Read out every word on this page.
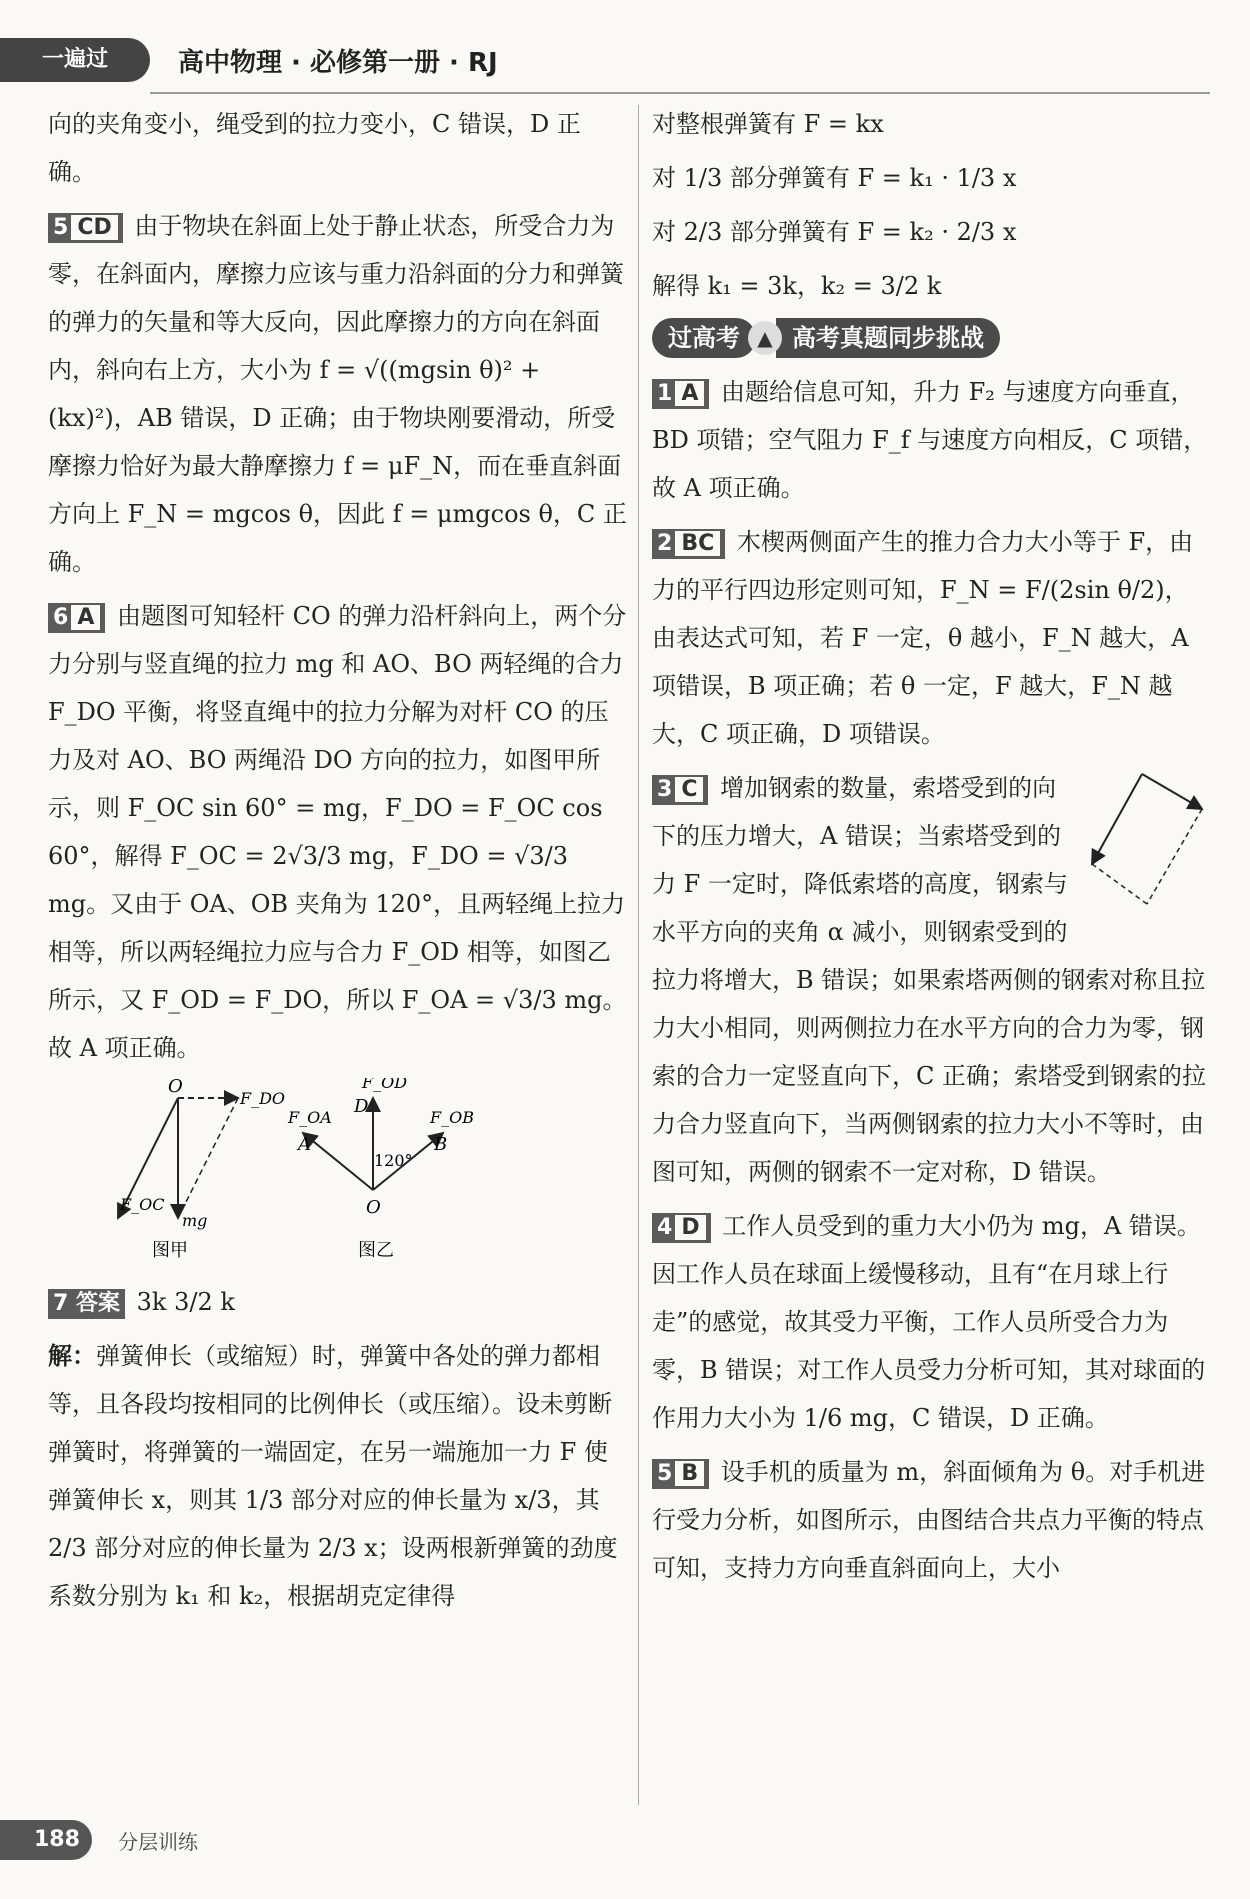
一遍过	高中物理 · 必修第一册 · RJ

向的夹角变小，绳受到的拉力变小，C 错误，D 正确。

5 CD 由于物块在斜面上处于静止状态，所受合力为零，在斜面内，摩擦力应该与重力沿斜面的分力和弹簧的弹力的矢量和等大反向，因此摩擦力的方向在斜面内，斜向右上方，大小为 f = √((mgsin θ)² + (kx)²)，AB 错误，D 正确；由于物块刚要滑动，所受摩擦力恰好为最大静摩擦力 f = μF_N，而在垂直斜面方向上 F_N = mgcos θ，因此 f = μmgcos θ，C 正确。

6 A 由题图可知轻杆 CO 的弹力沿杆斜向上，两个分力分别与竖直绳的拉力 mg 和 AO、BO 两轻绳的合力 F_DO 平衡，将竖直绳中的拉力分解为对杆 CO 的压力及对 AO、BO 两绳沿 DO 方向的拉力，如图甲所示，则 F_OC sin 60° = mg，F_DO = F_OC cos 60°，解得 F_OC = 2√3/3 mg，F_DO = √3/3 mg。又由于 OA、OB 夹角为 120°，且两轻绳上拉力相等，所以两轻绳拉力应与合力 F_OD 相等，如图乙所示，又 F_OD = F_DO，所以 F_OA = √3/3 mg。故 A 项正确。

O
F_DO
F_OC
mg
图甲
F_OD
D
F_OA
A
F_OB
B
120°
O
图乙

7 答案 3k 3/2 k

解：弹簧伸长（或缩短）时，弹簧中各处的弹力都相等，且各段均按相同的比例伸长（或压缩）。设未剪断弹簧时，将弹簧的一端固定，在另一端施加一力 F 使弹簧伸长 x，则其 1/3 部分对应的伸长量为 x/3，其 2/3 部分对应的伸长量为 2/3 x；设两根新弹簧的劲度系数分别为 k₁ 和 k₂，根据胡克定律得

对整根弹簧有 F = kx

对 1/3 部分弹簧有 F = k₁ · 1/3 x

对 2/3 部分弹簧有 F = k₂ · 2/3 x

解得 k₁ = 3k，k₂ = 3/2 k

过高考 ▲ 高考真题同步挑战

1 A 由题给信息可知，升力 F₂ 与速度方向垂直，BD 项错；空气阻力 F_f 与速度方向相反，C 项错，故 A 项正确。

2 BC 木楔两侧面产生的推力合力大小等于 F，由力的平行四边形定则可知，F_N = F/(2sin θ/2)，由表达式可知，若 F 一定，θ 越小，F_N 越大，A 项错误，B 项正确；若 θ 一定，F 越大，F_N 越大，C 项正确，D 项错误。

3 C 增加钢索的数量，索塔受到的向下的压力增大，A 错误；当索塔受到的力 F 一定时，降低索塔的高度，钢索与水平方向的夹角 α 减小，则钢索受到的拉力将增大，B 错误；如果索塔两侧的钢索对称且拉力大小相同，则两侧拉力在水平方向的合力为零，钢索的合力一定竖直向下，C 正确；索塔受到钢索的拉力合力竖直向下，当两侧钢索的拉力大小不等时，由图可知，两侧的钢索不一定对称，D 错误。

4 D 工作人员受到的重力大小仍为 mg，A 错误。因工作人员在球面上缓慢移动，且有“在月球上行走”的感觉，故其受力平衡，工作人员所受合力为零，B 错误；对工作人员受力分析可知，其对球面的作用力大小为 1/6 mg，C 错误，D 正确。

5 B 设手机的质量为 m，斜面倾角为 θ。对手机进行受力分析，如图所示，由图结合共点力平衡的特点可知，支持力方向垂直斜面向上，大小

188	分层训练
